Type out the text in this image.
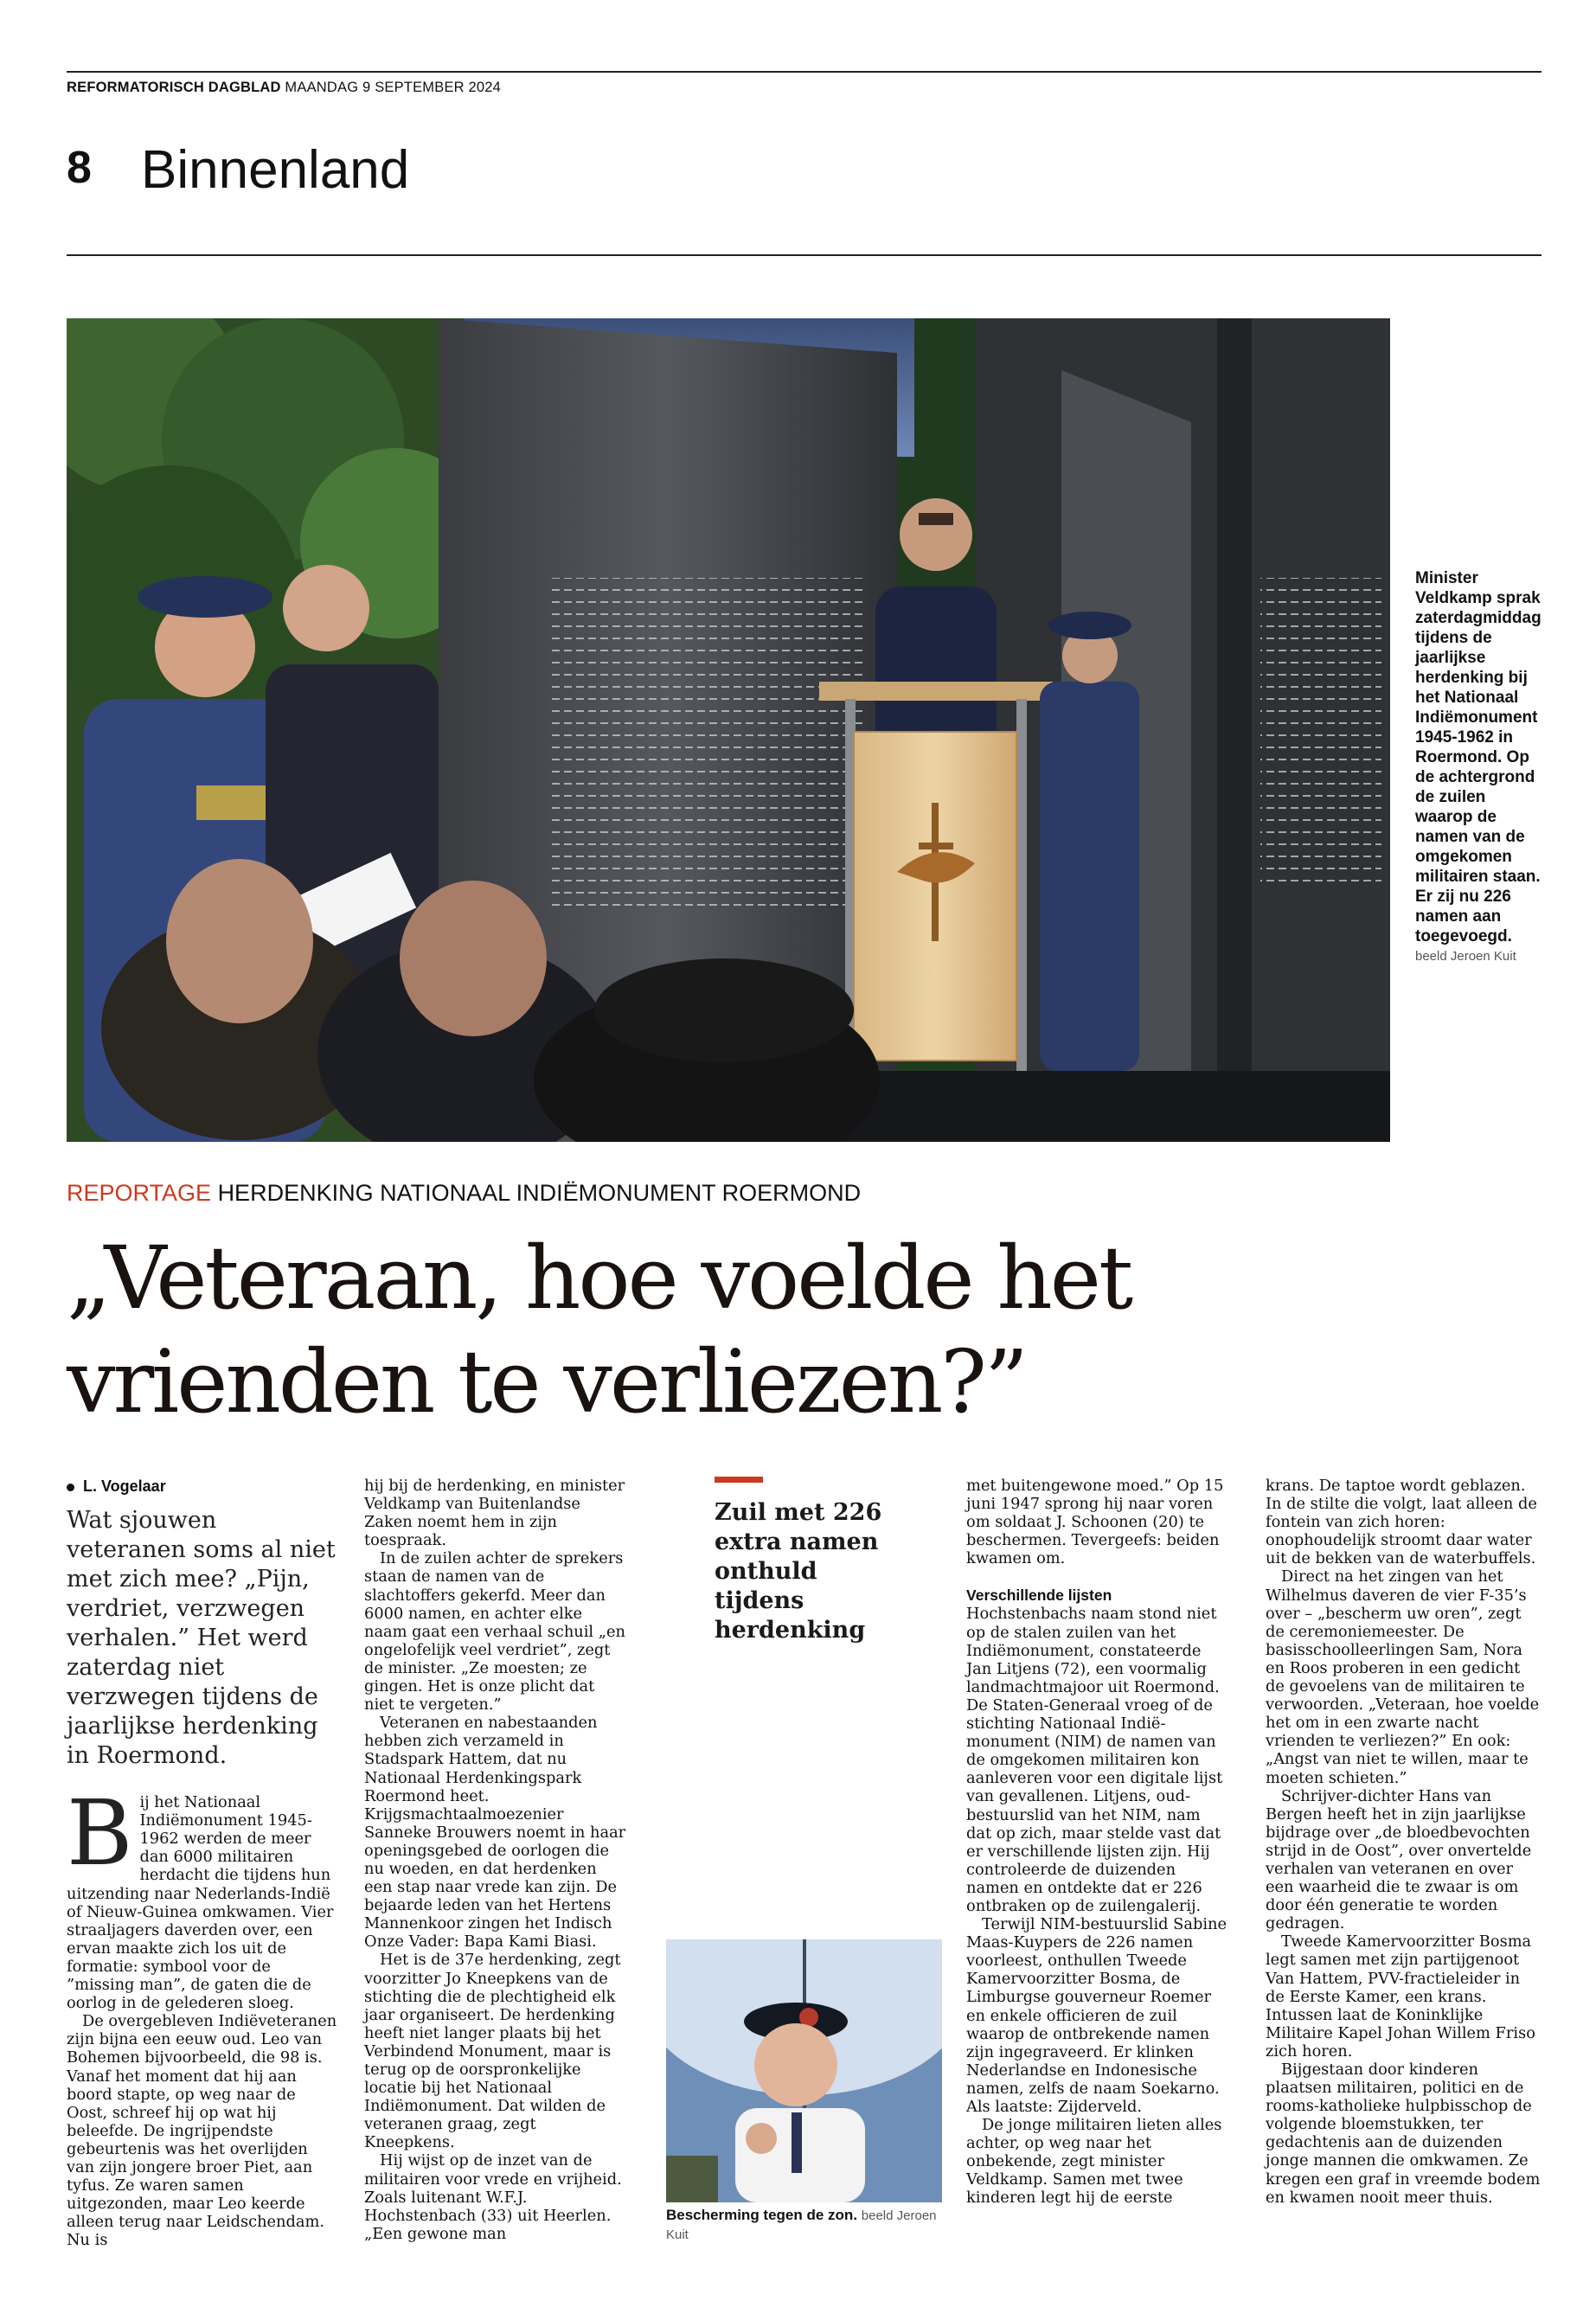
REFORMATORISCH DAGBLAD MAANDAG 9 SEPTEMBER 2024
8 Binnenland
Minister Veldkamp sprak zaterdagmiddag tijdens de jaarlijkse herdenking bij het Nationaal Indiëmonument 1945-1962 in Roermond. Op de achtergrond de zuilen waarop de namen van de omgekomen militairen staan. Er zij nu 226 namen aan toegevoegd.
beeld Jeroen Kuit
REPORTAGE HERDENKING NATIONAAL INDIËMONUMENT ROERMOND
„Veteraan, hoe voelde het
vrienden te verliezen?”
L. Vogelaar
Wat sjouwen veteranen soms al niet met zich mee? „Pijn, verdriet, verzwegen verhalen.” Het werd zaterdag niet verzwegen tijdens de jaarlijkse herdenking in Roermond.

Bij het Nationaal Indiëmonument 1945-1962 werden de meer dan 6000 militairen herdacht die tijdens hun uitzending naar Nederlands-Indië of Nieuw-Guinea omkwamen. Vier straaljagers daverden over, een ervan maakte zich los uit de formatie: symbool voor de ”missing man”, de gaten die de oorlog in de gelederen sloeg.

De overgebleven Indiëveteranen zijn bijna een eeuw oud. Leo van Bohemen bijvoorbeeld, die 98 is. Vanaf het moment dat hij aan boord stapte, op weg naar de Oost, schreef hij op wat hij beleefde. De ingrijpendste gebeurtenis was het overlijden van zijn jongere broer Piet, aan tyfus. Ze waren samen uitgezonden, maar Leo keerde alleen terug naar Leidschendam. Nu is

hij bij de herdenking, en minister Veldkamp van Buitenlandse Zaken noemt hem in zijn toespraak.

In de zuilen achter de sprekers staan de namen van de slachtoffers gekerfd. Meer dan 6000 namen, en achter elke naam gaat een verhaal schuil „en ongelofelijk veel verdriet”, zegt de minister. „Ze moesten; ze gingen. Het is onze plicht dat niet te vergeten.”

Veteranen en nabestaanden hebben zich verzameld in Stadspark Hattem, dat nu Nationaal Herdenkingspark Roermond heet. Krijgsmachtaalmoezenier Sanneke Brouwers noemt in haar openingsgebed de oorlogen die nu woeden, en dat herdenken een stap naar vrede kan zijn. De bejaarde leden van het Hertens Mannenkoor zingen het Indisch Onze Vader: Bapa Kami Biasi.

Het is de 37e herdenking, zegt voorzitter Jo Kneepkens van de stichting die de plechtigheid elk jaar organiseert. De herdenking heeft niet langer plaats bij het Verbindend Monument, maar is terug op de oorspronkelijke locatie bij het Nationaal Indiëmonument. Dat wilden de veteranen graag, zegt Kneepkens.

Hij wijst op de inzet van de militairen voor vrede en vrijheid. Zoals luitenant W.F.J. Hochstenbach (33) uit Heerlen. „Een gewone man

Zuil met 226 extra namen onthuld tijdens herdenking
Bescherming tegen de zon. beeld Jeroen Kuit

met buitengewone moed.” Op 15 juni 1947 sprong hij naar voren om soldaat J. Schoonen (20) te beschermen. Tevergeefs: beiden kwamen om.

Verschillende lijsten

Hochstenbachs naam stond niet op de stalen zuilen van het Indiëmonument, constateerde Jan Litjens (72), een voormalig landmachtmajoor uit Roermond. De Staten-Generaal vroeg of de stichting Nationaal Indië-monument (NIM) de namen van de omgekomen militairen kon aanleveren voor een digitale lijst van gevallenen. Litjens, oud-bestuurslid van het NIM, nam dat op zich, maar stelde vast dat er verschillende lijsten zijn. Hij controleerde de duizenden namen en ontdekte dat er 226 ontbraken op de zuilengalerij.

Terwijl NIM-bestuurslid Sabine Maas-Kuypers de 226 namen voorleest, onthullen Tweede Kamervoorzitter Bosma, de Limburgse gouverneur Roemer en enkele officieren de zuil waarop de ontbrekende namen zijn ingegraveerd. Er klinken Nederlandse en Indonesische namen, zelfs de naam Soekarno. Als laatste: Zijderveld.

De jonge militairen lieten alles achter, op weg naar het onbekende, zegt minister Veldkamp. Samen met twee kinderen legt hij de eerste

krans. De taptoe wordt geblazen. In de stilte die volgt, laat alleen de fontein van zich horen: onophoudelijk stroomt daar water uit de bekken van de waterbuffels.

Direct na het zingen van het Wilhelmus daveren de vier F-35’s over – „bescherm uw oren”, zegt de ceremoniemeester. De basisschoolleerlingen Sam, Nora en Roos proberen in een gedicht de gevoelens van de militairen te verwoorden. „Veteraan, hoe voelde het om in een zwarte nacht vrienden te verliezen?” En ook: „Angst van niet te willen, maar te moeten schieten.”

Schrijver-dichter Hans van Bergen heeft het in zijn jaarlijkse bijdrage over „de bloedbevochten strijd in de Oost”, over onvertelde verhalen van veteranen en over een waarheid die te zwaar is om door één generatie te worden gedragen.

Tweede Kamervoorzitter Bosma legt samen met zijn partijgenoot Van Hattem, PVV-fractieleider in de Eerste Kamer, een krans. Intussen laat de Koninklijke Militaire Kapel Johan Willem Friso zich horen.

Bijgestaan door kinderen plaatsen militairen, politici en de rooms-katholieke hulpbisschop de volgende bloemstukken, ter gedachtenis aan de duizenden jonge mannen die omkwamen. Ze kregen een graf in vreemde bodem en kwamen nooit meer thuis.
